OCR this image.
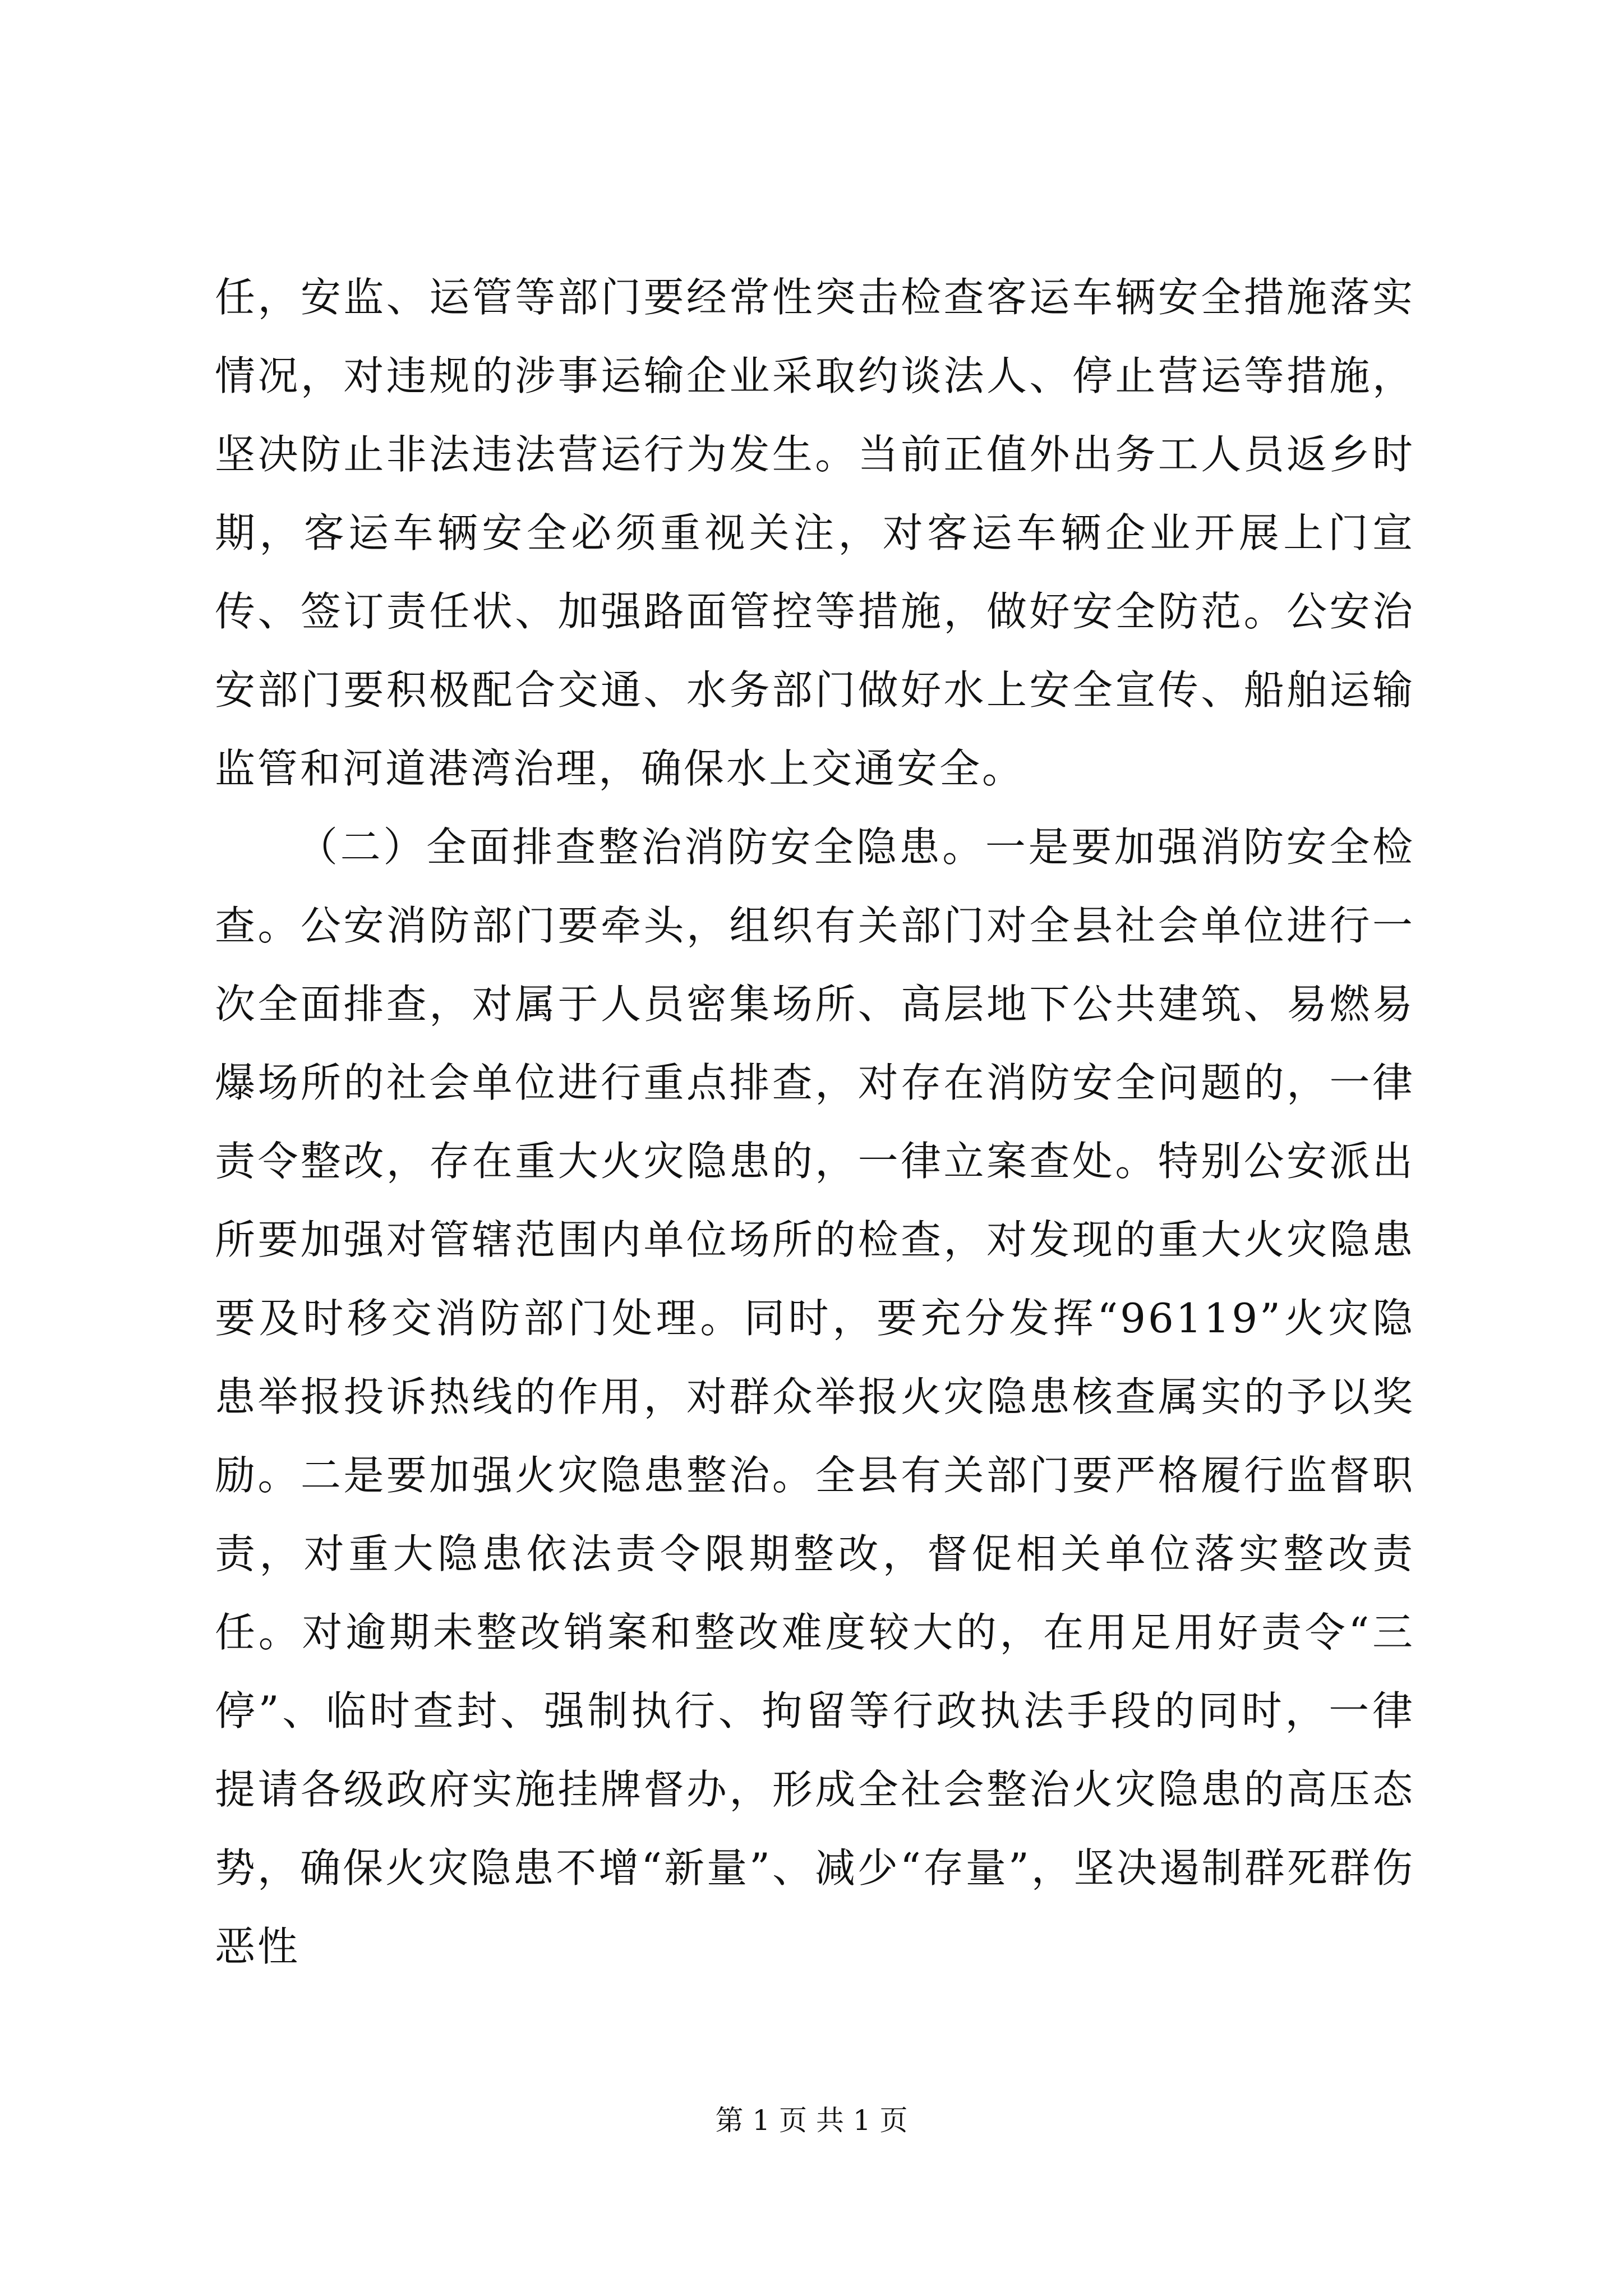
任，安监、运管等部门要经常性突击检查客运车辆安全措施落实情况，对违规的涉事运输企业采取约谈法人、停止营运等措施，坚决防止非法违法营运行为发生。当前正值外出务工人员返乡时期，客运车辆安全必须重视关注，对客运车辆企业开展上门宣传、签订责任状、加强路面管控等措施，做好安全防范。公安治安部门要积极配合交通、水务部门做好水上安全宣传、船舶运输监管和河道港湾治理，确保水上交通安全。

（二）全面排查整治消防安全隐患。一是要加强消防安全检查。公安消防部门要牵头，组织有关部门对全县社会单位进行一次全面排查，对属于人员密集场所、高层地下公共建筑、易燃易爆场所的社会单位进行重点排查，对存在消防安全问题的，一律责令整改，存在重大火灾隐患的，一律立案查处。特别公安派出所要加强对管辖范围内单位场所的检查，对发现的重大火灾隐患要及时移交消防部门处理。同时，要充分发挥“96119”火灾隐患举报投诉热线的作用，对群众举报火灾隐患核查属实的予以奖励。二是要加强火灾隐患整治。全县有关部门要严格履行监督职责，对重大隐患依法责令限期整改，督促相关单位落实整改责任。对逾期未整改销案和整改难度较大的，在用足用好责令“三停”、临时查封、强制执行、拘留等行政执法手段的同时，一律提请各级政府实施挂牌督办，形成全社会整治火灾隐患的高压态势，确保火灾隐患不增“新量”、减少“存量”，坚决遏制群死群伤恶性

第 1 页 共 1 页
